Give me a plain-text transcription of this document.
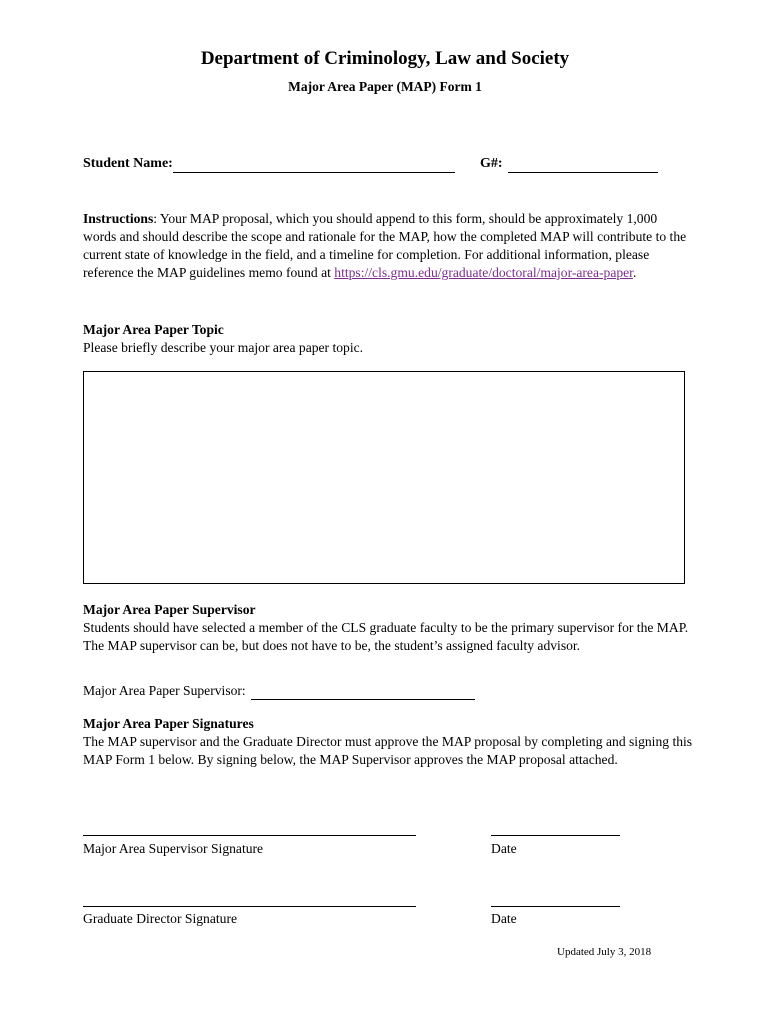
Department of Criminology, Law and Society
Major Area Paper (MAP) Form 1
Student Name:	G#:
Instructions: Your MAP proposal, which you should append to this form, should be approximately 1,000 words and should describe the scope and rationale for the MAP, how the completed MAP will contribute to the current state of knowledge in the field, and a timeline for completion. For additional information, please reference the MAP guidelines memo found at https://cls.gmu.edu/graduate/doctoral/major-area-paper.
Major Area Paper Topic
Please briefly describe your major area paper topic.
Major Area Paper Supervisor
Students should have selected a member of the CLS graduate faculty to be the primary supervisor for the MAP. The MAP supervisor can be, but does not have to be, the student’s assigned faculty advisor.
Major Area Paper Supervisor:
Major Area Paper Signatures
The MAP supervisor and the Graduate Director must approve the MAP proposal by completing and signing this MAP Form 1 below. By signing below, the MAP Supervisor approves the MAP proposal attached.
Major Area Supervisor Signature	Date
Graduate Director Signature	Date
Updated July 3, 2018
